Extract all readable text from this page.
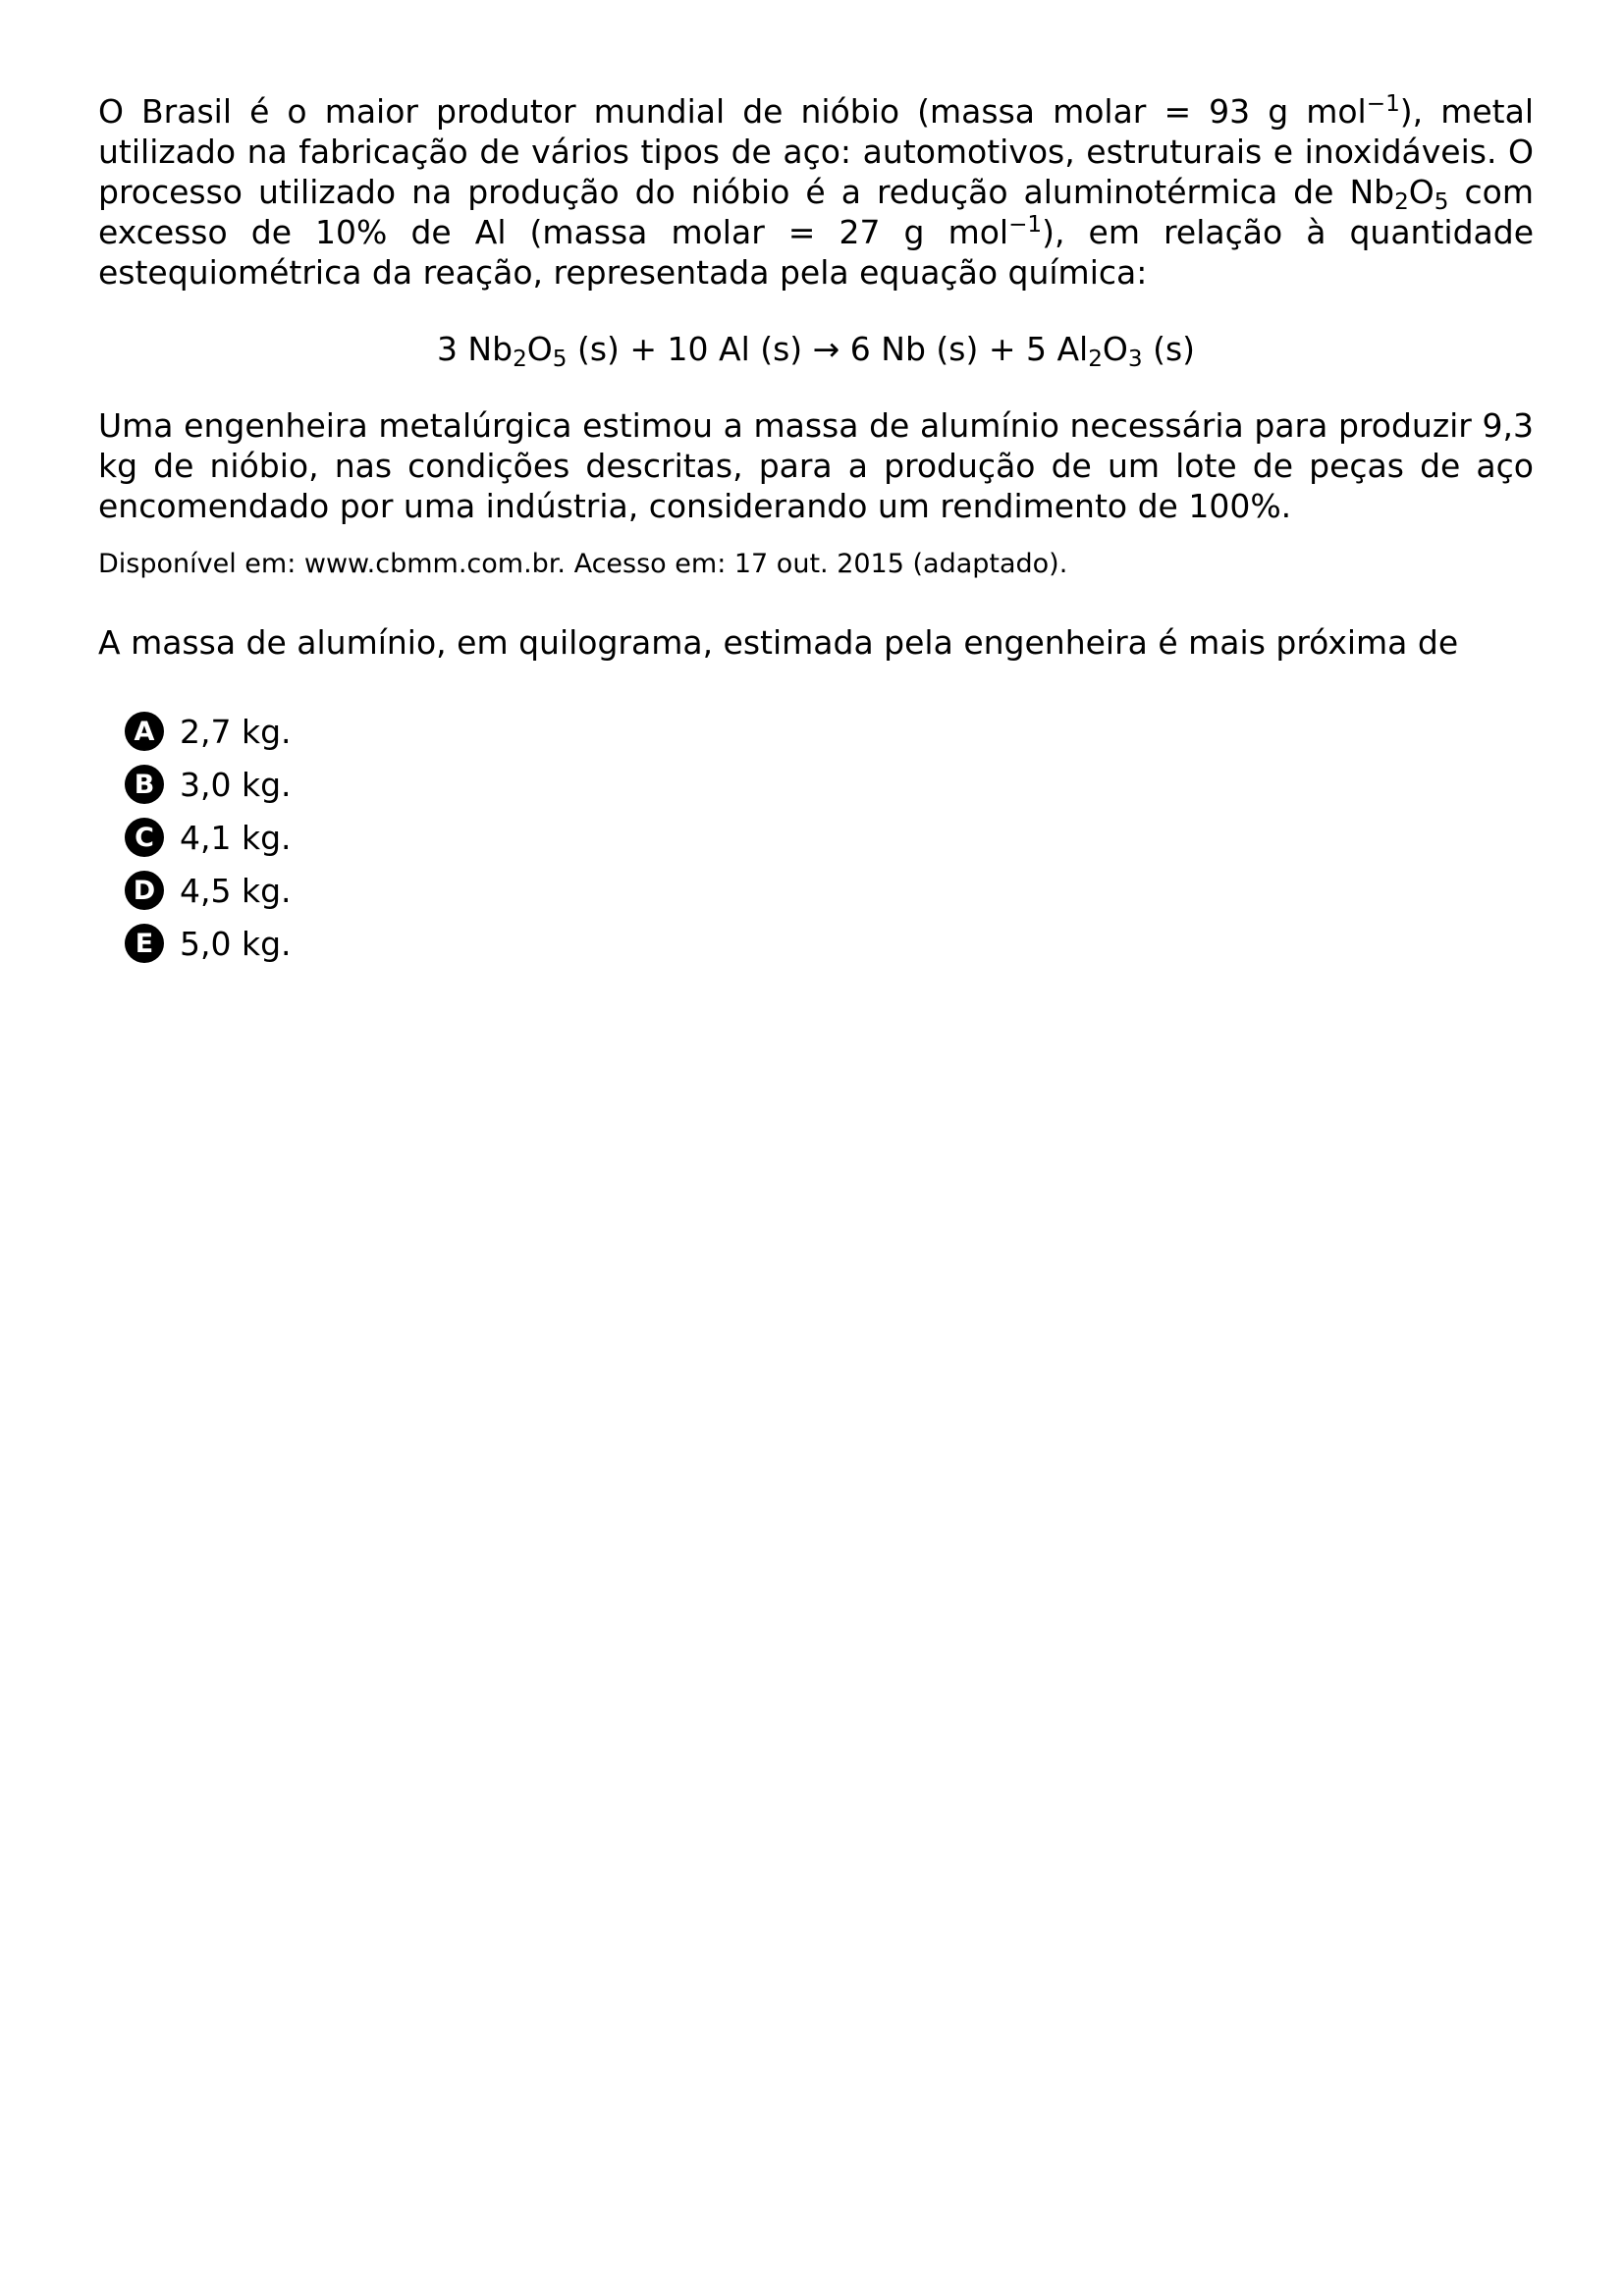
O Brasil é o maior produtor mundial de nióbio (massa molar = 93 g mol$^{-1}$), metal utilizado na fabricação de vários tipos de aço: automotivos, estruturais e inoxidáveis. O processo utilizado na produção do nióbio é a redução aluminotérmica de $Nb_2O_5$ com excesso de 10% de Al (massa molar = 27 g mol$^{-1}$), em relação à quantidade estequiométrica da reação, representada pela equação química:

3 $Nb_2O_5$ (s) + 10 Al (s) → 6 Nb (s) + 5 $Al_2O_3$ (s)

Uma engenheira metalúrgica estimou a massa de alumínio necessária para produzir 9,3 kg de nióbio, nas condições descritas, para a produção de um lote de peças de aço encomendado por uma indústria, considerando um rendimento de 100%.

Disponível em: www.cbmm.com.br. Acesso em: 17 out. 2015 (adaptado).
A massa de alumínio, em quilograma, estimada pela engenheira é mais próxima de
A 2,7 kg.
B 3,0 kg.
C 4,1 kg.
D 4,5 kg.
E 5,0 kg.
